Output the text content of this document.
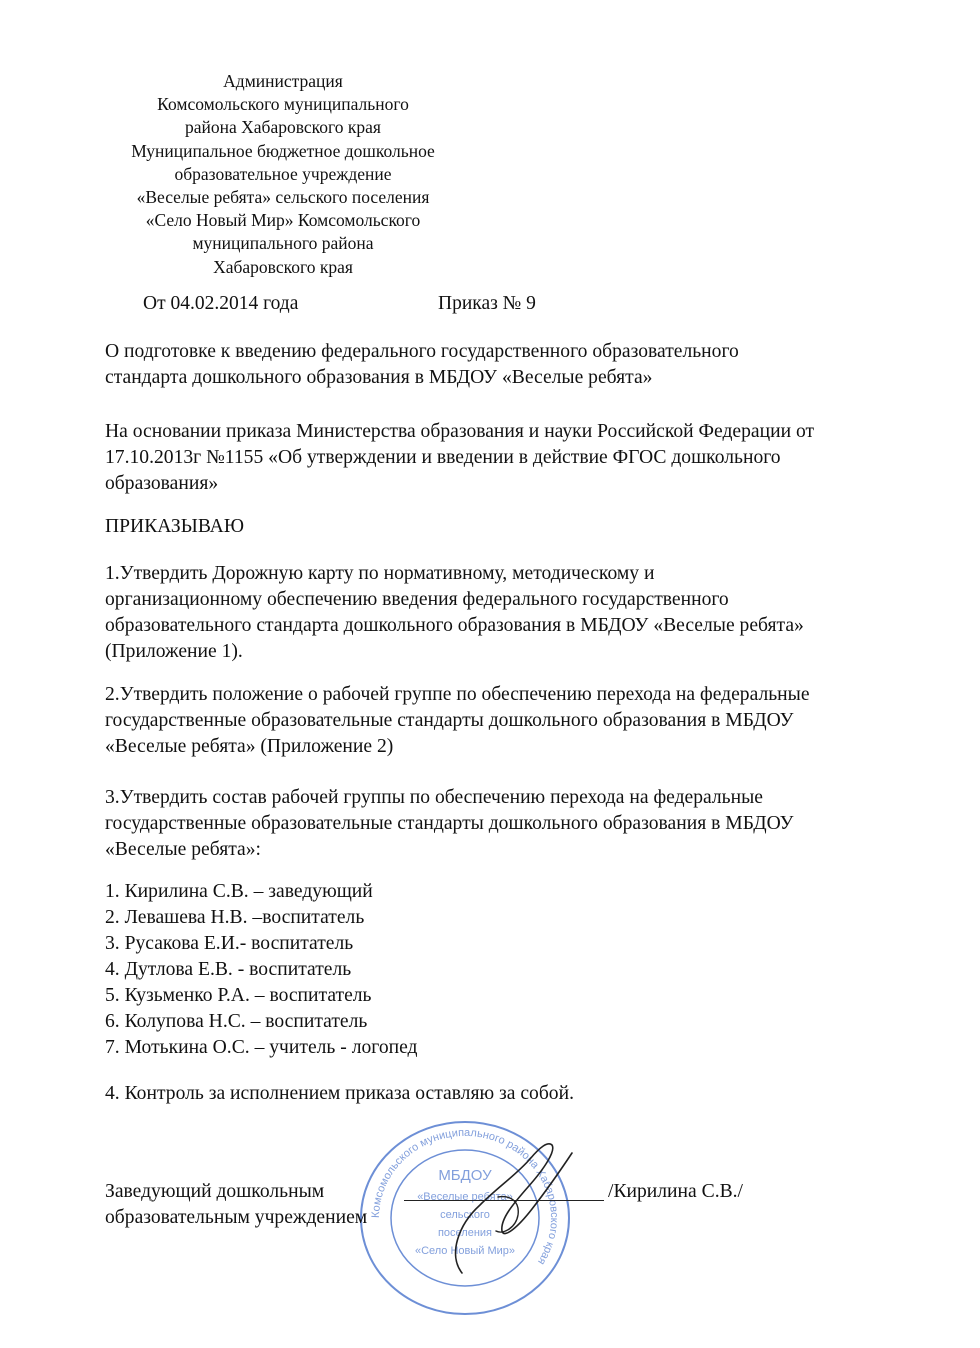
Администрация
Комсомольского муниципального
района Хабаровского края
Муниципальное бюджетное дошкольное
образовательное учреждение
«Веселые ребята» сельского поселения
«Село Новый Мир» Комсомольского
муниципального района
Хабаровского края
От 04.02.2014 года	Приказ № 9
О подготовке к введению федерального государственного образовательного
стандарта дошкольного образования в МБДОУ «Веселые ребята»
На основании приказа Министерства образования и науки Российской Федерации от
17.10.2013г №1155 «Об утверждении и введении в действие ФГОС дошкольного
образования»
ПРИКАЗЫВАЮ
1.Утвердить Дорожную карту по нормативному, методическому и
организационному обеспечению введения федерального государственного
образовательного стандарта дошкольного образования в МБДОУ «Веселые ребята»
(Приложение 1).
2.Утвердить положение о рабочей группе по обеспечению перехода на федеральные
государственные образовательные стандарты дошкольного образования в МБДОУ
«Веселые ребята» (Приложение 2)
3.Утвердить состав рабочей группы по обеспечению перехода на федеральные
государственные образовательные стандарты дошкольного образования в МБДОУ
«Веселые ребята»:
1. Кирилина С.В. – заведующий
2. Левашева Н.В. –воспитатель
3. Русакова Е.И.- воспитатель
4. Дутлова Е.В. - воспитатель
5. Кузьменко Р.А. – воспитатель
6. Колупова Н.С. – воспитатель
7. Мотькина О.С. – учитель - логопед
4. Контроль за исполнением приказа оставляю за собой.
Комсомольского муниципального района Хабаровского края
МБДОУ
«Веселые ребята»
сельского
поселения
«Село Новый Мир»
Заведующий дошкольным
образовательным учреждением
/Кирилина С.В./
